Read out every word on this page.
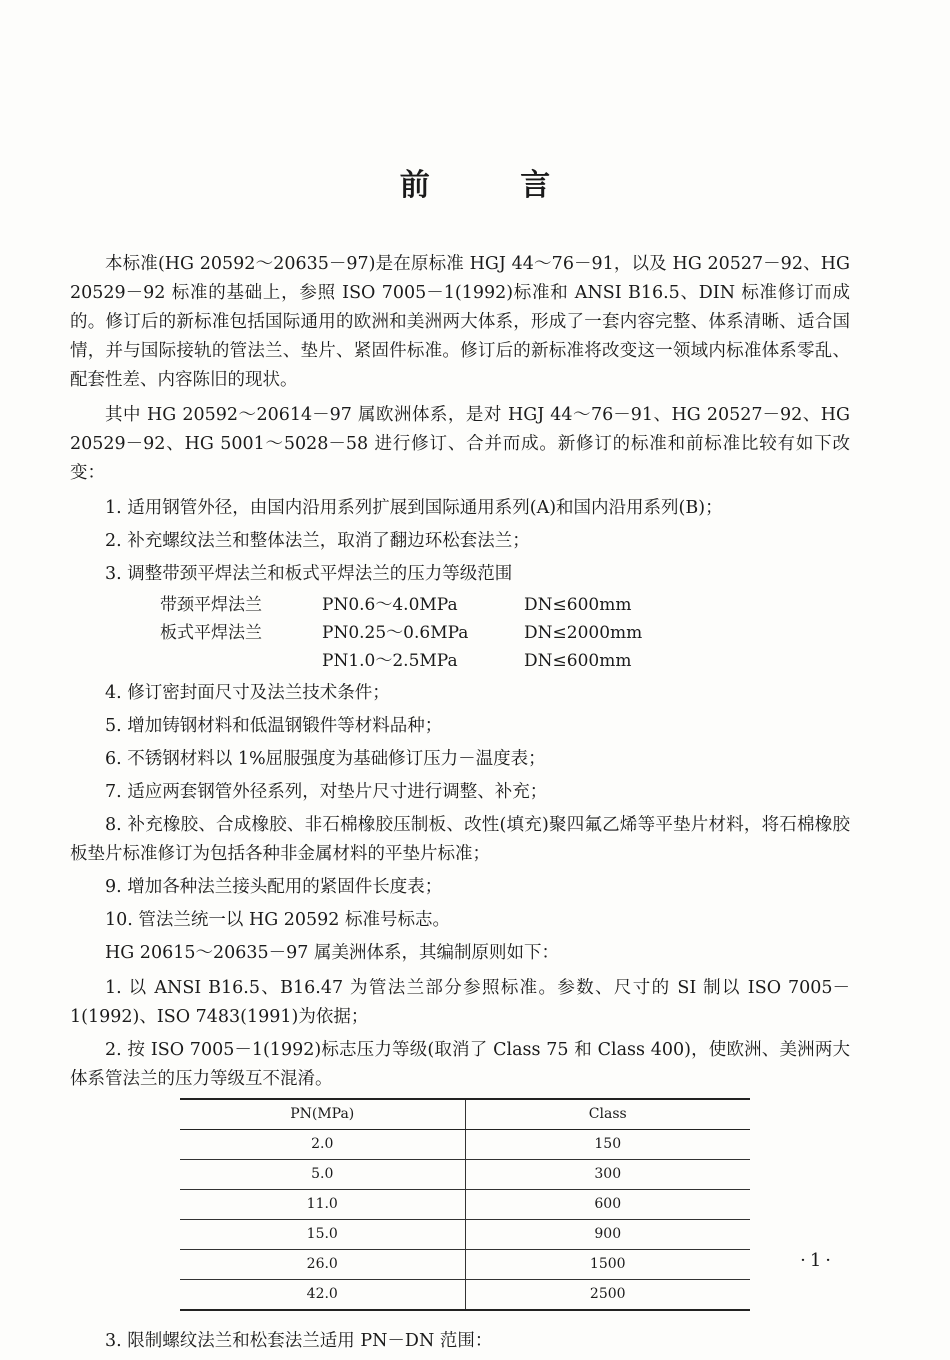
前 言

本标准(HG 20592～20635－97)是在原标准 HGJ 44～76－91，以及 HG 20527－92、HG 20529－92 标准的基础上，参照 ISO 7005－1(1992)标准和 ANSI B16.5、DIN 标准修订而成的。修订后的新标准包括国际通用的欧洲和美洲两大体系，形成了一套内容完整、体系清晰、适合国情，并与国际接轨的管法兰、垫片、紧固件标准。修订后的新标准将改变这一领域内标准体系零乱、配套性差、内容陈旧的现状。

其中 HG 20592～20614－97 属欧洲体系，是对 HGJ 44～76－91、HG 20527－92、HG 20529－92、HG 5001～5028－58 进行修订、合并而成。新修订的标准和前标准比较有如下改变：

1. 适用钢管外径，由国内沿用系列扩展到国际通用系列(A)和国内沿用系列(B)；

2. 补充螺纹法兰和整体法兰，取消了翻边环松套法兰；

3. 调整带颈平焊法兰和板式平焊法兰的压力等级范围

带颈平焊法兰	PN0.6～4.0MPa	DN≤600mm
板式平焊法兰	PN0.25～0.6MPa	DN≤2000mm
	PN1.0～2.5MPa	DN≤600mm

4. 修订密封面尺寸及法兰技术条件；

5. 增加铸钢材料和低温钢锻件等材料品种；

6. 不锈钢材料以 1%屈服强度为基础修订压力－温度表；

7. 适应两套钢管外径系列，对垫片尺寸进行调整、补充；

8. 补充橡胶、合成橡胶、非石棉橡胶压制板、改性(填充)聚四氟乙烯等平垫片材料，将石棉橡胶板垫片标准修订为包括各种非金属材料的平垫片标准；

9. 增加各种法兰接头配用的紧固件长度表；

10. 管法兰统一以 HG 20592 标准号标志。

HG 20615～20635－97 属美洲体系，其编制原则如下：

1. 以 ANSI B16.5、B16.47 为管法兰部分参照标准。参数、尺寸的 SI 制以 ISO 7005－1(1992)、ISO 7483(1991)为依据；

2. 按 ISO 7005－1(1992)标志压力等级(取消了 Class 75 和 Class 400)，使欧洲、美洲两大体系管法兰的压力等级互不混淆。

PN(MPa)	Class
2.0	150
5.0	300
11.0	600
15.0	900
26.0	1500
42.0	2500

3. 限制螺纹法兰和松套法兰适用 PN－DN 范围：

·1·
